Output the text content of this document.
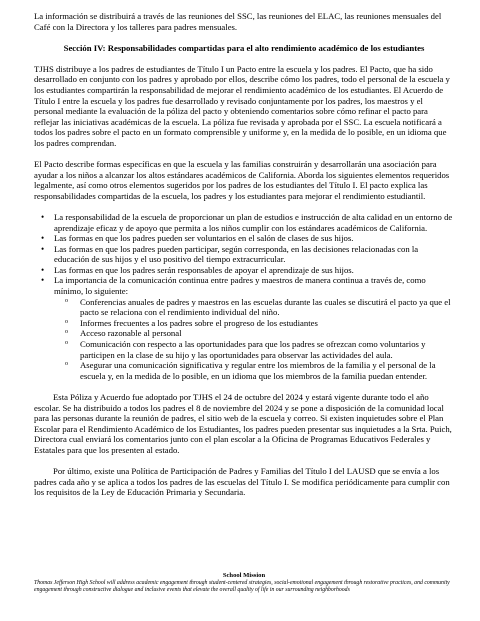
La información se distribuirá a través de las reuniones del SSC, las reuniones del ELAC, las reuniones mensuales del Café con la Directora y los talleres para padres mensuales.

Sección IV: Responsabilidades compartidas para el alto rendimiento académico de los estudiantes

TJHS distribuye a los padres de estudiantes de Título I un Pacto entre la escuela y los padres. El Pacto, que ha sido desarrollado en conjunto con los padres y aprobado por ellos, describe cómo los padres, todo el personal de la escuela y los estudiantes compartirán la responsabilidad de mejorar el rendimiento académico de los estudiantes. El Acuerdo de Título I entre la escuela y los padres fue desarrollado y revisado conjuntamente por los padres, los maestros y el personal mediante la evaluación de la póliza del pacto y obteniendo comentarios sobre cómo refinar el pacto para reflejar las iniciativas académicas de la escuela. La póliza fue revisada y aprobada por el SSC. La escuela notificará a todos los padres sobre el pacto en un formato comprensible y uniforme y, en la medida de lo posible, en un idioma que los padres comprendan.

El Pacto describe formas específicas en que la escuela y las familias construirán y desarrollarán una asociación para ayudar a los niños a alcanzar los altos estándares académicos de California. Aborda los siguientes elementos requeridos legalmente, así como otros elementos sugeridos por los padres de los estudiantes del Título I. El pacto explica las responsabilidades compartidas de la escuela, los padres y los estudiantes para mejorar el rendimiento estudiantil.

• La responsabilidad de la escuela de proporcionar un plan de estudios e instrucción de alta calidad en un entorno de aprendizaje eficaz y de apoyo que permita a los niños cumplir con los estándares académicos de California.
• Las formas en que los padres pueden ser voluntarios en el salón de clases de sus hijos.
• Las formas en que los padres pueden participar, según corresponda, en las decisiones relacionadas con la educación de sus hijos y el uso positivo del tiempo extracurricular.
• Las formas en que los padres serán responsables de apoyar el aprendizaje de sus hijos.
• La importancia de la comunicación continua entre padres y maestros de manera continua a través de, como mínimo, lo siguiente:
o Conferencias anuales de padres y maestros en las escuelas durante las cuales se discutirá el pacto ya que el pacto se relaciona con el rendimiento individual del niño.
o Informes frecuentes a los padres sobre el progreso de los estudiantes
o Acceso razonable al personal
o Comunicación con respecto a las oportunidades para que los padres se ofrezcan como voluntarios y participen en la clase de su hijo y las oportunidades para observar las actividades del aula.
o Asegurar una comunicación significativa y regular entre los miembros de la familia y el personal de la escuela y, en la medida de lo posible, en un idioma que los miembros de la familia puedan entender.

Esta Póliza y Acuerdo fue adoptado por TJHS el 24 de octubre del 2024 y estará vigente durante todo el año escolar. Se ha distribuido a todos los padres el 8 de noviembre del 2024 y se pone a disposición de la comunidad local para las personas durante la reunión de padres, el sitio web de la escuela y correo. Si existen inquietudes sobre el Plan Escolar para el Rendimiento Académico de los Estudiantes, los padres pueden presentar sus inquietudes a la Srta. Puich, Directora cual enviará los comentarios junto con el plan escolar a la Oficina de Programas Educativos Federales y Estatales para que los presenten al estado.

Por último, existe una Política de Participación de Padres y Familias del Título I del LAUSD que se envía a los padres cada año y se aplica a todos los padres de las escuelas del Título I. Se modifica periódicamente para cumplir con los requisitos de la Ley de Educación Primaria y Secundaria.

School Mission
Thomas Jefferson High School will address academic engagement through student-centered strategies, social-emotional engagement through restorative practices, and community engagement through constructive dialogue and inclusive events that elevate the overall quality of life in our surrounding neighborhoods
